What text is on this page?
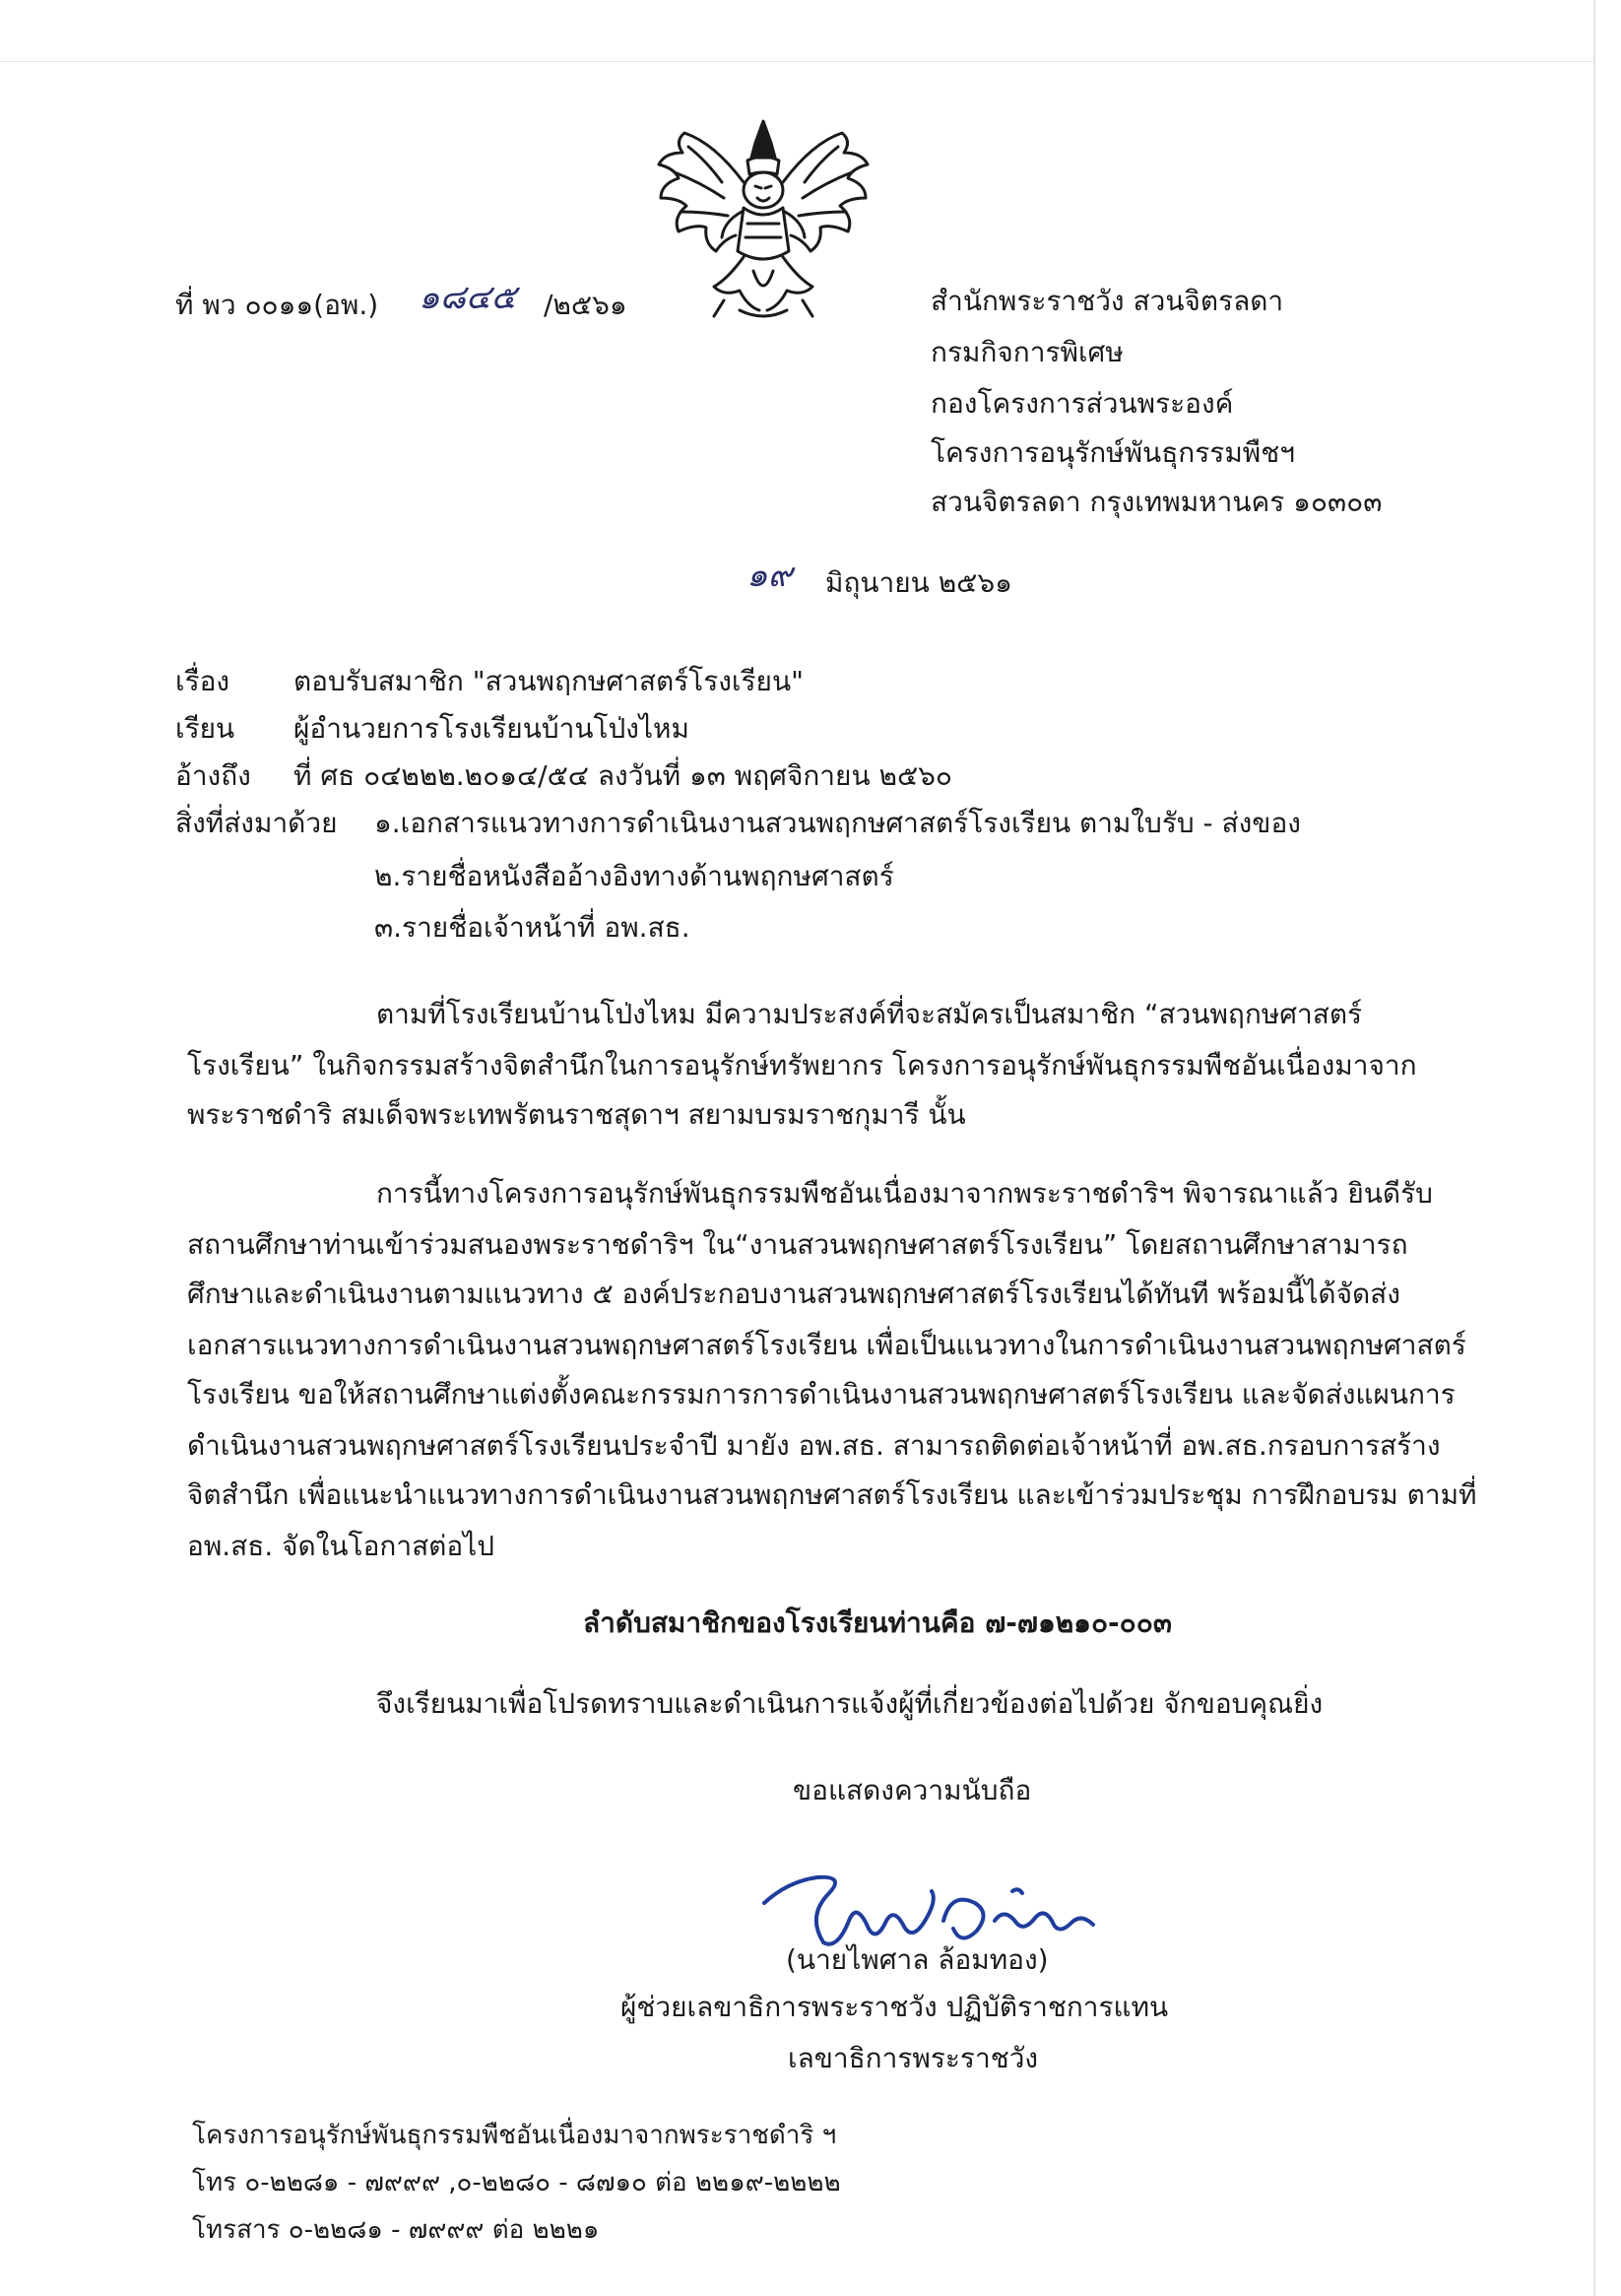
ที่ พว ๐๐๑๑(อพ.) ๑๘๔๕ /๒๕๖๑	สำนักพระราชวัง สวนจิตรลดา
กรมกิจการพิเศษ
กองโครงการส่วนพระองค์
โครงการอนุรักษ์พันธุกรรมพืชฯ
สวนจิตรลดา กรุงเทพมหานคร ๑๐๓๐๓
๑๙ มิถุนายน ๒๕๖๑
เรื่อง ตอบรับสมาชิก "สวนพฤกษศาสตร์โรงเรียน"
เรียน ผู้อำนวยการโรงเรียนบ้านโป่งไหม
อ้างถึง ที่ ศธ ๐๔๒๒๒.๒๐๑๔/๕๔ ลงวันที่ ๑๓ พฤศจิกายน ๒๕๖๐
สิ่งที่ส่งมาด้วย ๑.เอกสารแนวทางการดำเนินงานสวนพฤกษศาสตร์โรงเรียน ตามใบรับ - ส่งของ
๒.รายชื่อหนังสืออ้างอิงทางด้านพฤกษศาสตร์
๓.รายชื่อเจ้าหน้าที่ อพ.สธ.
ตามที่โรงเรียนบ้านโป่งไหม มีความประสงค์ที่จะสมัครเป็นสมาชิก “สวนพฤกษศาสตร์
โรงเรียน” ในกิจกรรมสร้างจิตสำนึกในการอนุรักษ์ทรัพยากร โครงการอนุรักษ์พันธุกรรมพืชอันเนื่องมาจาก
พระราชดำริ สมเด็จพระเทพรัตนราชสุดาฯ สยามบรมราชกุมารี นั้น
การนี้ทางโครงการอนุรักษ์พันธุกรรมพืชอันเนื่องมาจากพระราชดำริฯ พิจารณาแล้ว ยินดีรับ
สถานศึกษาท่านเข้าร่วมสนองพระราชดำริฯ ใน“งานสวนพฤกษศาสตร์โรงเรียน” โดยสถานศึกษาสามารถ
ศึกษาและดำเนินงานตามแนวทาง ๕ องค์ประกอบงานสวนพฤกษศาสตร์โรงเรียนได้ทันที พร้อมนี้ได้จัดส่ง
เอกสารแนวทางการดำเนินงานสวนพฤกษศาสตร์โรงเรียน เพื่อเป็นแนวทางในการดำเนินงานสวนพฤกษศาสตร์
โรงเรียน ขอให้สถานศึกษาแต่งตั้งคณะกรรมการการดำเนินงานสวนพฤกษศาสตร์โรงเรียน และจัดส่งแผนการ
ดำเนินงานสวนพฤกษศาสตร์โรงเรียนประจำปี มายัง อพ.สธ. สามารถติดต่อเจ้าหน้าที่ อพ.สธ.กรอบการสร้าง
จิตสำนึก เพื่อแนะนำแนวทางการดำเนินงานสวนพฤกษศาสตร์โรงเรียน และเข้าร่วมประชุม การฝึกอบรม ตามที่
อพ.สธ. จัดในโอกาสต่อไป
ลำดับสมาชิกของโรงเรียนท่านคือ ๗-๗๑๒๑๐-๐๐๓
จึงเรียนมาเพื่อโปรดทราบและดำเนินการแจ้งผู้ที่เกี่ยวข้องต่อไปด้วย จักขอบคุณยิ่ง
ขอแสดงความนับถือ
(นายไพศาล ล้อมทอง)
ผู้ช่วยเลขาธิการพระราชวัง ปฏิบัติราชการแทน
เลขาธิการพระราชวัง
โครงการอนุรักษ์พันธุกรรมพืชอันเนื่องมาจากพระราชดำริ ฯ
โทร ๐-๒๒๘๑ - ๗๙๙๙ ,๐-๒๒๘๐ - ๘๗๑๐ ต่อ ๒๒๑๙-๒๒๒๒
โทรสาร ๐-๒๒๘๑ - ๗๙๙๙ ต่อ ๒๒๒๑
